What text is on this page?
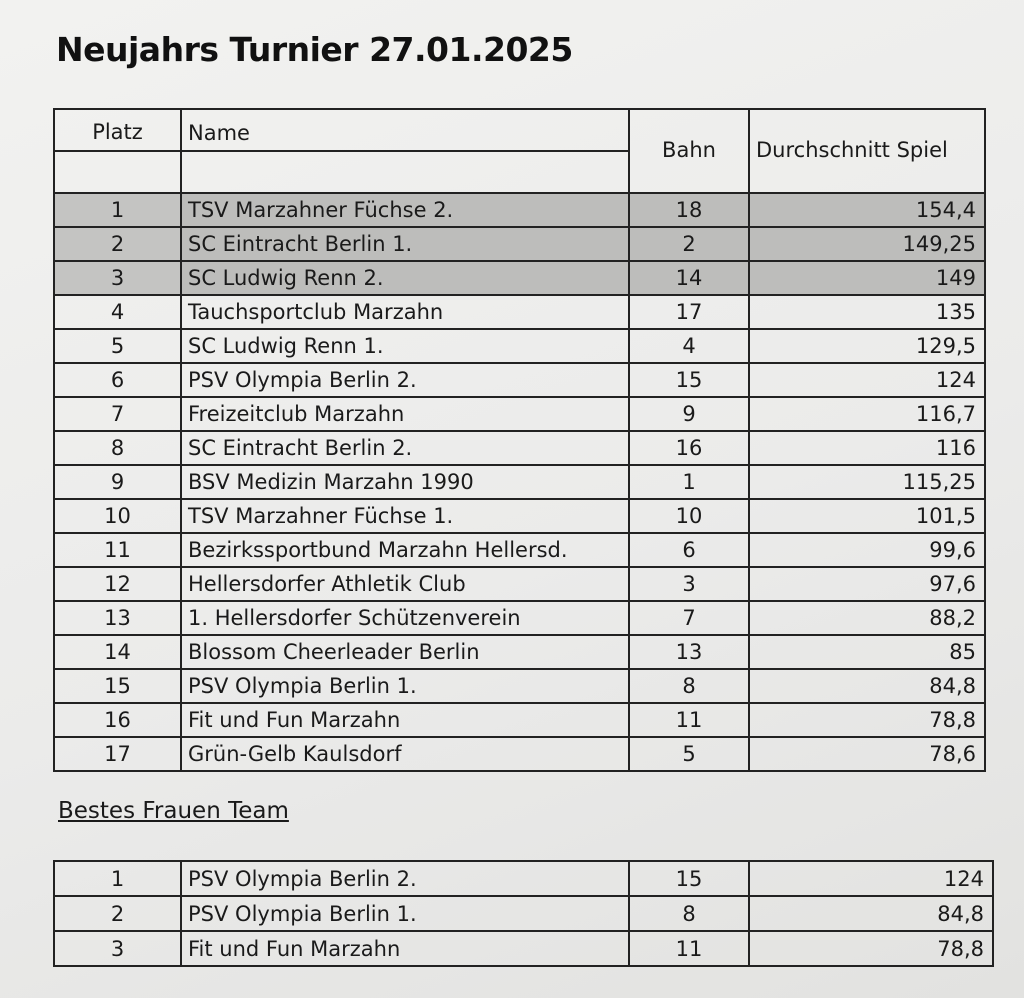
Neujahrs Turnier 27.01.2025
Platz	Name	Bahn	Durchschnitt Spiel

1	TSV Marzahner Füchse 2.	18	154,4
2	SC Eintracht Berlin 1.	2	149,25
3	SC Ludwig Renn 2.	14	149
4	Tauchsportclub Marzahn	17	135
5	SC Ludwig Renn 1.	4	129,5
6	PSV Olympia Berlin 2.	15	124
7	Freizeitclub Marzahn	9	116,7
8	SC Eintracht Berlin 2.	16	116
9	BSV Medizin Marzahn 1990	1	115,25
10	TSV Marzahner Füchse 1.	10	101,5
11	Bezirkssportbund Marzahn Hellersd.	6	99,6
12	Hellersdorfer Athletik Club	3	97,6
13	1. Hellersdorfer Schützenverein	7	88,2
14	Blossom Cheerleader Berlin	13	85
15	PSV Olympia Berlin 1.	8	84,8
16	Fit und Fun Marzahn	11	78,8
17	Grün-Gelb Kaulsdorf	5	78,6
Bestes Frauen Team
1	PSV Olympia Berlin 2.	15	124
2	PSV Olympia Berlin 1.	8	84,8
3	Fit und Fun Marzahn	11	78,8
